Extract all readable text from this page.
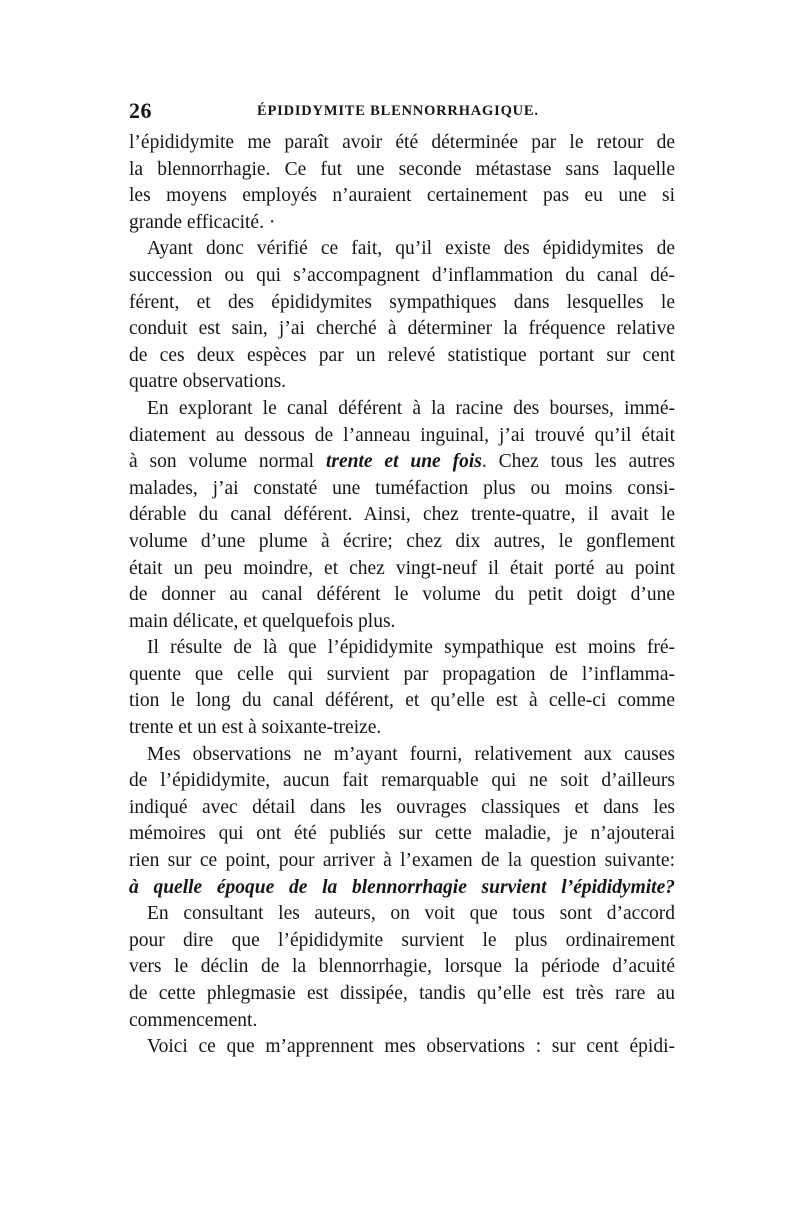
26	ÉPIDIDYMITE BLENNORRHAGIQUE.
l’épididymite me paraît avoir été déterminée par le retour de
la blennorrhagie. Ce fut une seconde métastase sans laquelle
les moyens employés n’auraient certainement pas eu une si
grande efficacité. ·
Ayant donc vérifié ce fait, qu’il existe des épididymites de
succession ou qui s’accompagnent d’inflammation du canal dé-
férent, et des épididymites sympathiques dans lesquelles le
conduit est sain, j’ai cherché à déterminer la fréquence relative
de ces deux espèces par un relevé statistique portant sur cent
quatre observations.
En explorant le canal déférent à la racine des bourses, immé-
diatement au dessous de l’anneau inguinal, j’ai trouvé qu’il était
à son volume normal trente et une fois. Chez tous les autres
malades, j’ai constaté une tuméfaction plus ou moins consi-
dérable du canal déférent. Ainsi, chez trente-quatre, il avait le
volume d’une plume à écrire; chez dix autres, le gonflement
était un peu moindre, et chez vingt-neuf il était porté au point
de donner au canal déférent le volume du petit doigt d’une
main délicate, et quelquefois plus.
Il résulte de là que l’épididymite sympathique est moins fré-
quente que celle qui survient par propagation de l’inflamma-
tion le long du canal déférent, et qu’elle est à celle-ci comme
trente et un est à soixante-treize.
Mes observations ne m’ayant fourni, relativement aux causes
de l’épididymite, aucun fait remarquable qui ne soit d’ailleurs
indiqué avec détail dans les ouvrages classiques et dans les
mémoires qui ont été publiés sur cette maladie, je n’ajouterai
rien sur ce point, pour arriver à l’examen de la question suivante:
à quelle époque de la blennorrhagie survient l’épididymite?
En consultant les auteurs, on voit que tous sont d’accord
pour dire que l’épididymite survient le plus ordinairement
vers le déclin de la blennorrhagie, lorsque la période d’acuité
de cette phlegmasie est dissipée, tandis qu’elle est très rare au
commencement.
Voici ce que m’apprennent mes observations : sur cent épidi-
